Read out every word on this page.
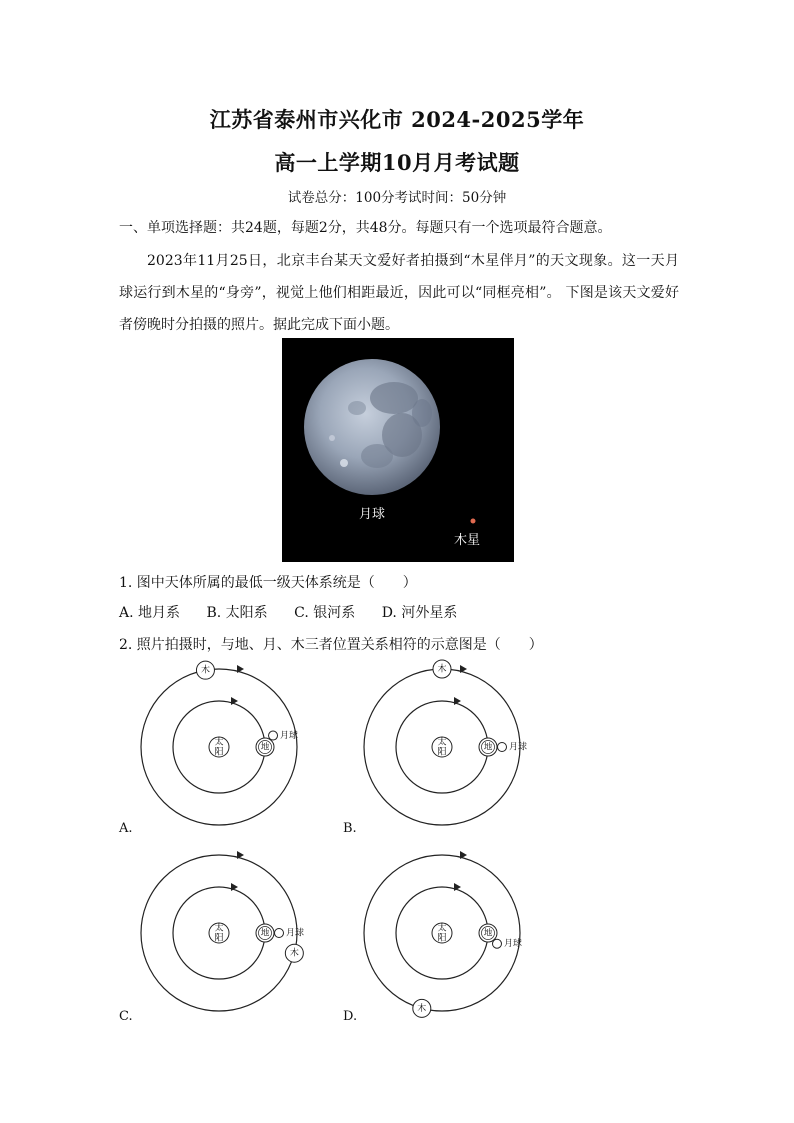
江苏省泰州市兴化市 2024-2025学年
高一上学期10月月考试题
试卷总分：100分考试时间：50分钟
一、单项选择题：共24题，每题2分，共48分。每题只有一个选项最符合题意。
2023年11月25日，北京丰台某天文爱好者拍摄到“木星伴月”的天文现象。这一天月球运行到木星的“身旁”，视觉上他们相距最近，因此可以“同框亮相”。 下图是该天文爱好者傍晚时分拍摄的照片。据此完成下面小题。
月球
木星
1. 图中天体所属的最低一级天体系统是（　　）
A. 地月系 B. 太阳系 C. 银河系 D. 河外星系
2. 照片拍摄时，与地、月、木三者位置关系相符的示意图是（　　）
太
阳	地
月球
木
太
阳	地 月球
木
太
阳	地 月球
木
太
阳	地
月球
木
A.	B.
C.	D.
